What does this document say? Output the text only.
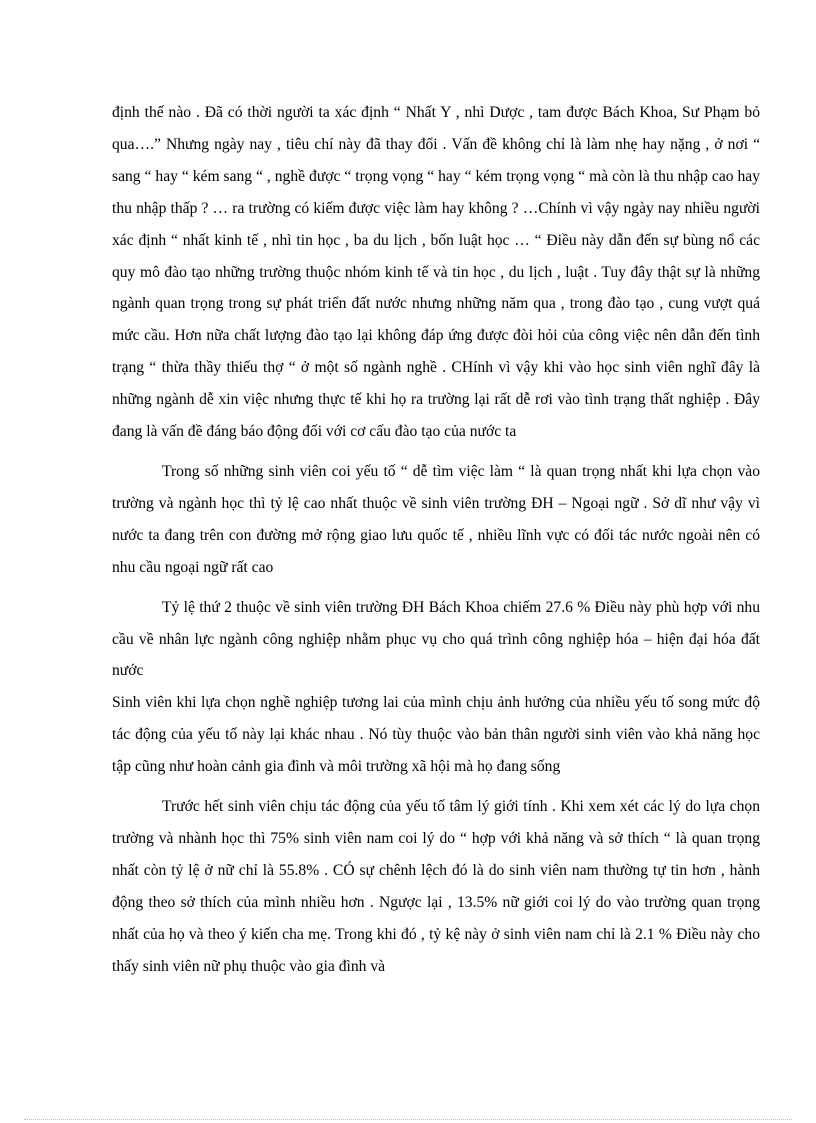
định thế nào . Đã có thời người ta xác định “ Nhất Y , nhì Dược , tam được Bách Khoa, Sư Phạm bỏ qua….” Nhưng ngày nay , tiêu chí này đã thay đổi . Vấn đề không chỉ là làm nhẹ hay nặng , ở nơi “ sang “ hay “ kém sang “ , nghề được “ trọng vọng “ hay “ kém trọng vọng “ mà còn là thu nhập cao hay thu nhập thấp ? … ra trường có kiếm được việc làm hay không ? …Chính vì vậy ngày nay nhiều người xác định “ nhất kinh tế , nhì tin học , ba du lịch , bốn luật học … “ Điều này dẫn đến sự bùng nổ các quy mô đào tạo những trường thuộc nhóm kinh tế và tin học , du lịch , luật . Tuy đây thật sự là những ngành quan trọng trong sự phát triển đất nước nhưng những năm qua , trong đào tạo , cung vượt quá mức cầu. Hơn nữa chất lượng đào tạo lại không đáp ứng được đòi hỏi của công việc nên dẫn đến tình trạng “ thừa thầy thiếu thợ “ ở một số ngành nghề . CHính vì vậy khi vào học sinh viên nghĩ đây là những ngành dễ xin việc nhưng thực tế khi họ ra trường lại rất dễ rơi vào tình trạng thất nghiệp . Đây đang là vấn đề đáng báo động đối với cơ cấu đào tạo của nước ta

Trong số những sinh viên coi yếu tố “ dễ tìm việc làm “ là quan trọng nhất khi lựa chọn vào trường và ngành học thì tỷ lệ cao nhất thuộc về sinh viên trường ĐH – Ngoại ngữ . Sở dĩ như vậy vì nước ta đang trên con đường mở rộng giao lưu quốc tế , nhiều lĩnh vực có đối tác nước ngoài nên có nhu cầu ngoại ngữ rất cao

Tỷ lệ thứ 2 thuộc về sinh viên trường ĐH Bách Khoa chiếm 27.6 % Điều này phù hợp với nhu cầu về nhân lực ngành công nghiệp nhằm phục vụ cho quá trình công nghiệp hóa – hiện đại hóa đất nước

Sinh viên khi lựa chọn nghề nghiệp tương lai của mình chịu ảnh hưởng của nhiều yếu tố song mức độ tác động của yếu tố này lại khác nhau . Nó tùy thuộc vào bản thân người sinh viên vào khả năng học tập cũng như hoàn cảnh gia đình và môi trường xã hội mà họ đang sống

Trước hết sinh viên chịu tác động của yếu tố tâm lý giới tính . Khi xem xét các lý do lựa chọn trường và nhành học thì 75% sinh viên nam coi lý do “ hợp với khả năng và sở thích “ là quan trọng nhất còn tỷ lệ ở nữ chỉ là 55.8% . CÓ sự chênh lệch đó là do sinh viên nam thường tự tin hơn , hành động theo sở thích của mình nhiều hơn . Ngược lại , 13.5% nữ giới coi lý do vào trường quan trọng nhất của họ và theo ý kiến cha mẹ. Trong khi đó , tỷ kệ này ở sinh viên nam chỉ là 2.1 % Điều này cho thấy sinh viên nữ phụ thuộc vào gia đình và
